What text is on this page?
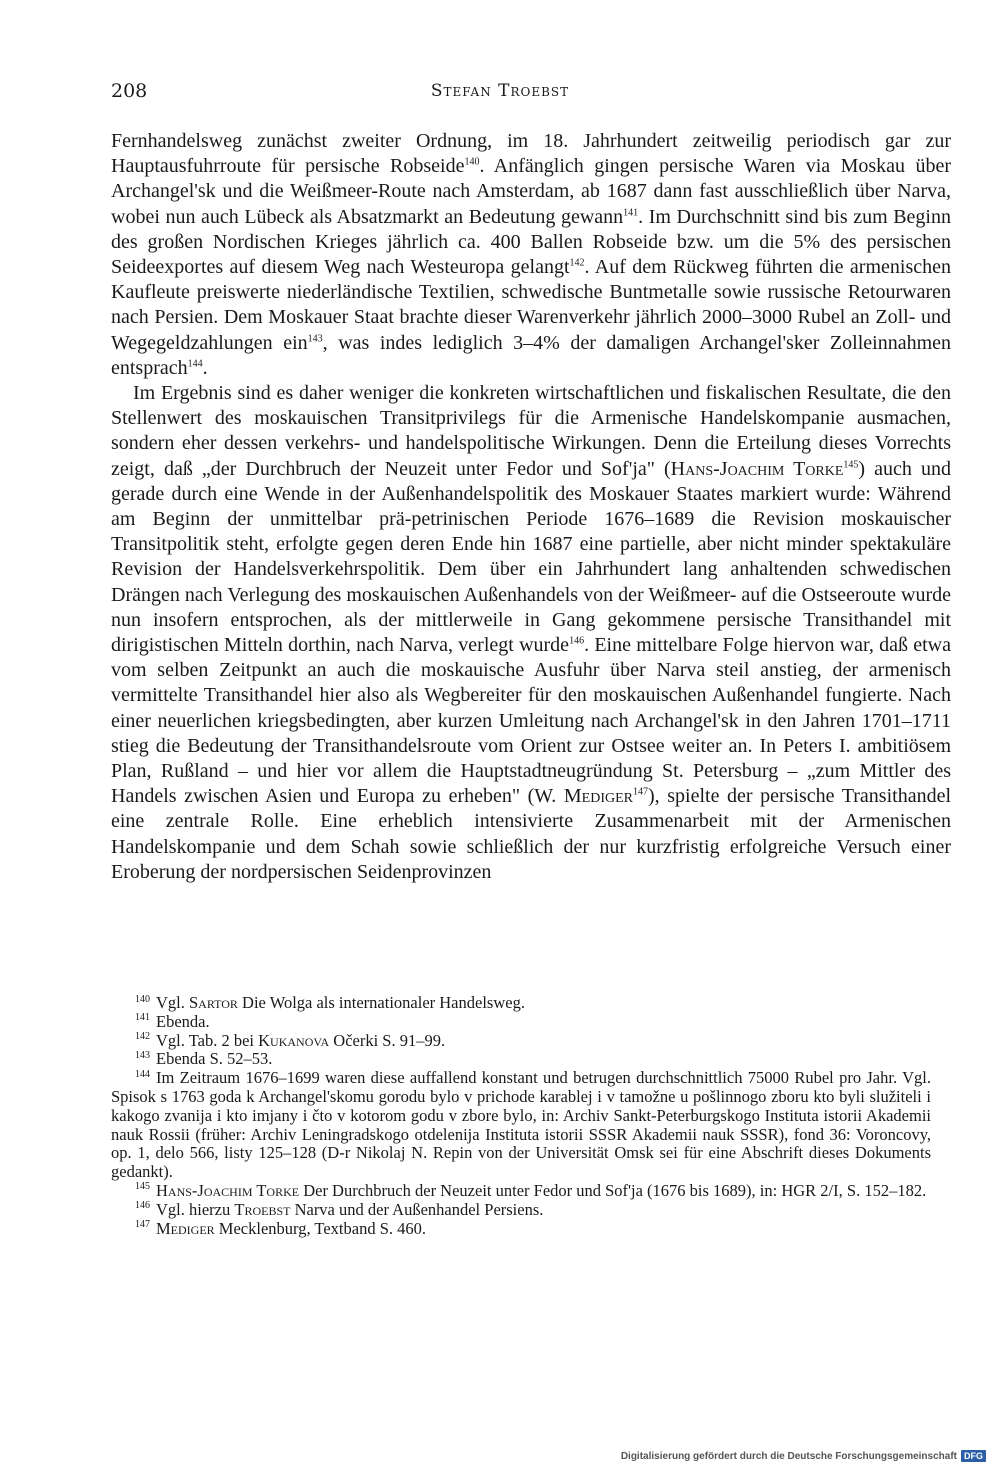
208	Stefan Troebst

Fernhandelsweg zunächst zweiter Ordnung, im 18. Jahrhundert zeitweilig periodisch gar zur Hauptausfuhrroute für persische Robseide$^{140}$. Anfänglich gingen persische Waren via Moskau über Archangel'sk und die Weißmeer-Route nach Amsterdam, ab 1687 dann fast ausschließlich über Narva, wobei nun auch Lübeck als Absatzmarkt an Bedeutung gewann$^{141}$. Im Durchschnitt sind bis zum Beginn des großen Nordischen Krieges jährlich ca. 400 Ballen Robseide bzw. um die 5% des persischen Seideexportes auf diesem Weg nach Westeuropa gelangt$^{142}$. Auf dem Rückweg führten die armenischen Kaufleute preiswerte niederländische Textilien, schwedische Buntmetalle sowie russische Retourwaren nach Persien. Dem Moskauer Staat brachte dieser Warenverkehr jährlich 2000–3000 Rubel an Zoll- und Wegegeldzahlungen ein$^{143}$, was indes lediglich 3–4% der damaligen Archangel'sker Zolleinnahmen entsprach$^{144}$.

Im Ergebnis sind es daher weniger die konkreten wirtschaftlichen und fiskalischen Resultate, die den Stellenwert des moskauischen Transitprivilegs für die Armenische Handelskompanie ausmachen, sondern eher dessen verkehrs- und handelspolitische Wirkungen. Denn die Erteilung dieses Vorrechts zeigt, daß „der Durchbruch der Neuzeit unter Fedor und Sof'ja" (Hans-Joachim Torke$^{145}$) auch und gerade durch eine Wende in der Außenhandelspolitik des Moskauer Staates markiert wurde: Während am Beginn der unmittelbar prä-petrinischen Periode 1676–1689 die Revision moskauischer Transitpolitik steht, erfolgte gegen deren Ende hin 1687 eine partielle, aber nicht minder spektakuläre Revision der Handelsverkehrspolitik. Dem über ein Jahrhundert lang anhaltenden schwedischen Drängen nach Verlegung des moskauischen Außenhandels von der Weißmeer- auf die Ostseeroute wurde nun insofern entsprochen, als der mittlerweile in Gang gekommene persische Transithandel mit dirigistischen Mitteln dorthin, nach Narva, verlegt wurde$^{146}$. Eine mittelbare Folge hiervon war, daß etwa vom selben Zeitpunkt an auch die moskauische Ausfuhr über Narva steil anstieg, der armenisch vermittelte Transithandel hier also als Wegbereiter für den moskauischen Außenhandel fungierte. Nach einer neuerlichen kriegsbedingten, aber kurzen Umleitung nach Archangel'sk in den Jahren 1701–1711 stieg die Bedeutung der Transithandelsroute vom Orient zur Ostsee weiter an. In Peters I. ambitiösem Plan, Rußland – und hier vor allem die Hauptstadtneugründung St. Petersburg – „zum Mittler des Handels zwischen Asien und Europa zu erheben" (W. Mediger$^{147}$), spielte der persische Transithandel eine zentrale Rolle. Eine erheblich intensivierte Zusammenarbeit mit der Armenischen Handelskompanie und dem Schah sowie schließlich der nur kurzfristig erfolgreiche Versuch einer Eroberung der nordpersischen Seidenprovinzen

$^{140}$ Vgl. Sartor Die Wolga als internationaler Handelsweg.
$^{141}$ Ebenda.
$^{142}$ Vgl. Tab. 2 bei Kukanova Očerki S. 91–99.
$^{143}$ Ebenda S. 52–53.

$^{144}$ Im Zeitraum 1676–1699 waren diese auffallend konstant und betrugen durchschnittlich 75000 Rubel pro Jahr. Vgl. Spisok s 1763 goda k Archangel'skomu gorodu bylo v prichode karablej i v tamožne u pošlinnogo zboru kto byli služiteli i kakogo zvanija i kto imjany i čto v kotorom godu v zbore bylo, in: Archiv Sankt-Peterburgskogo Instituta istorii Akademii nauk Rossii (früher: Archiv Leningradskogo otdelenija Instituta istorii SSSR Akademii nauk SSSR), fond 36: Voroncovy, op. 1, delo 566, listy 125–128 (D-r Nikolaj N. Repin von der Universität Omsk sei für eine Abschrift dieses Dokuments gedankt).

$^{145}$ Hans-Joachim Torke Der Durchbruch der Neuzeit unter Fedor und Sof'ja (1676 bis 1689), in: HGR 2/I, S. 152–182.

$^{146}$ Vgl. hierzu Troebst Narva und der Außenhandel Persiens.
$^{147}$ Mediger Mecklenburg, Textband S. 460.
Digitalisierung gefördert durch die Deutsche Forschungsgemeinschaft DFG
